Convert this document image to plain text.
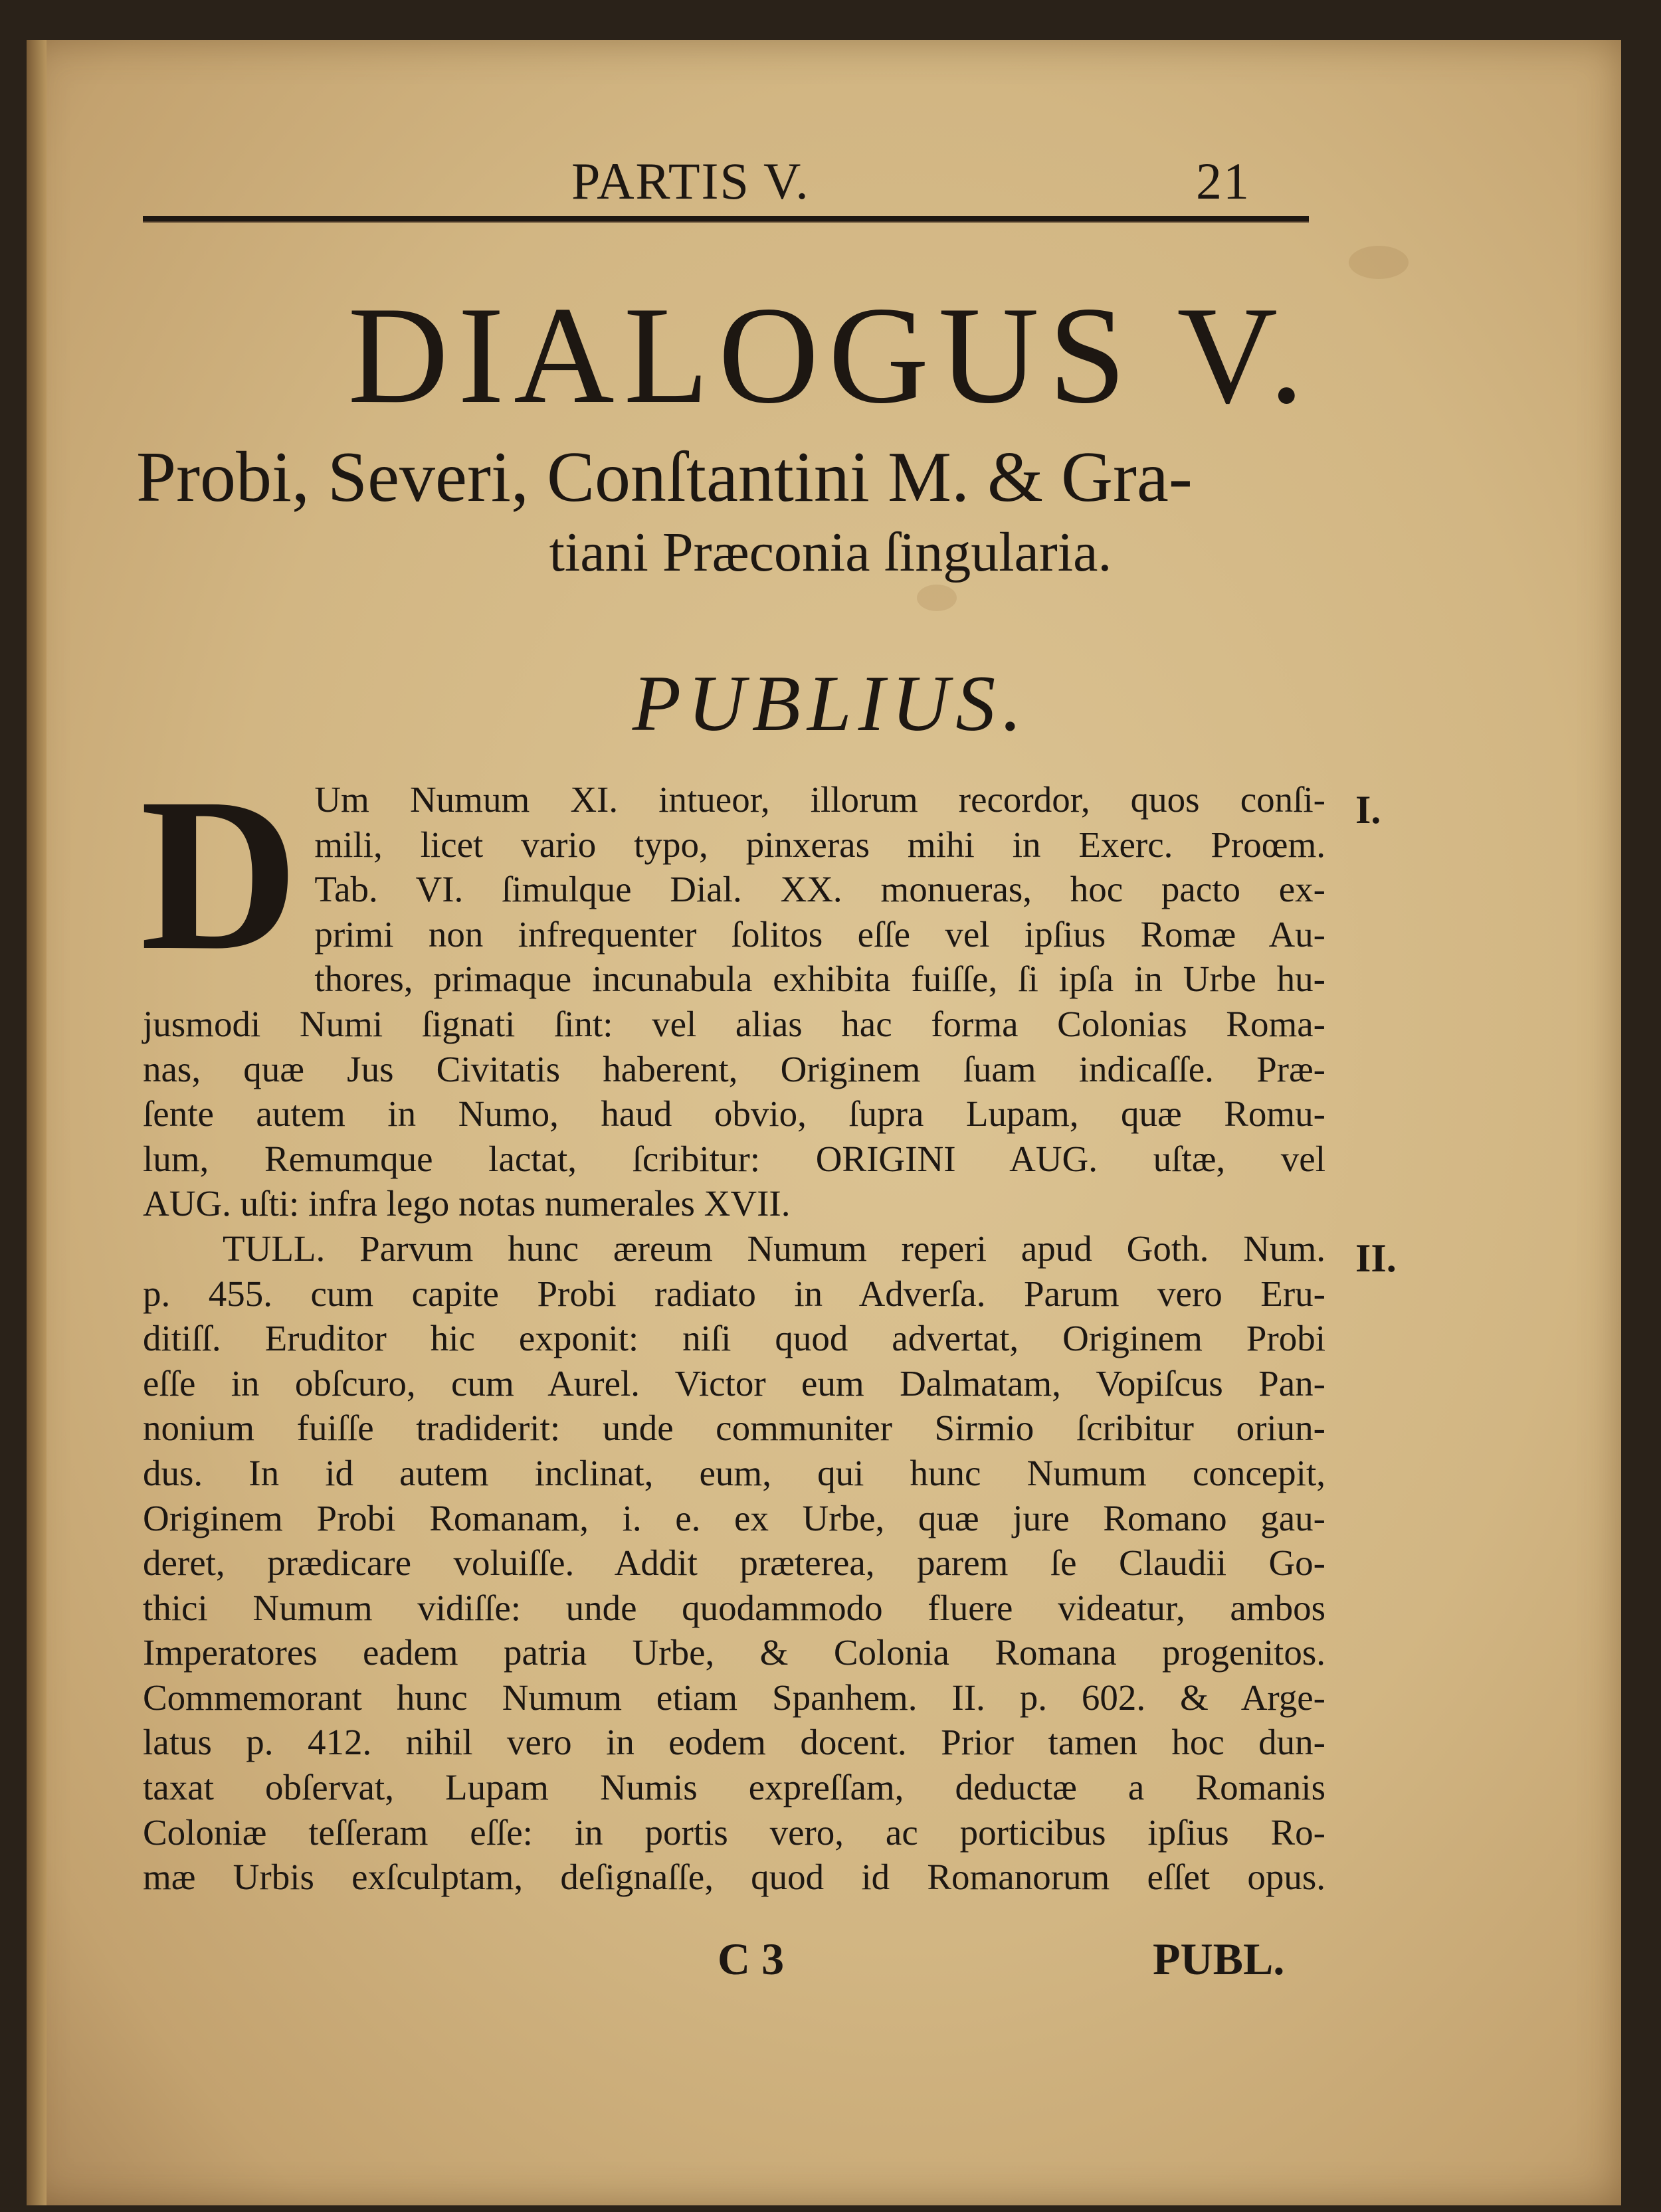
PARTIS V.	21
DIALOGUS V.
Probi, Severi, Conſtantini M. & Gra-
tiani Præconia ſingularia.
PUBLIUS.
D Um Numum XI. intueor, illorum recordor, quos conſi-
mili, licet vario typo, pinxeras mihi in Exerc. Proœm.
Tab. VI. ſimulque Dial. XX. monueras, hoc pacto ex-
primi non infrequenter ſolitos eſſe vel ipſius Romæ Au-
thores, primaque incunabula exhibita fuiſſe, ſi ipſa in Urbe hu-
jusmodi Numi ſignati ſint: vel alias hac forma Colonias Roma-
nas, quæ Jus Civitatis haberent, Originem ſuam indicaſſe. Præ-
ſente autem in Numo, haud obvio, ſupra Lupam, quæ Romu-
lum, Remumque lactat, ſcribitur: ORIGINI AUG. uſtæ, vel
AUG. uſti: infra lego notas numerales XVII.
TULL. Parvum hunc æreum Numum reperi apud Goth. Num.
p. 455. cum capite Probi radiato in Adverſa. Parum vero Eru-
ditiſſ. Eruditor hic exponit: niſi quod advertat, Originem Probi
eſſe in obſcuro, cum Aurel. Victor eum Dalmatam, Vopiſcus Pan-
nonium fuiſſe tradiderit: unde communiter Sirmio ſcribitur oriun-
dus. In id autem inclinat, eum, qui hunc Numum concepit,
Originem Probi Romanam, i. e. ex Urbe, quæ jure Romano gau-
deret, prædicare voluiſſe. Addit præterea, parem ſe Claudii Go-
thici Numum vidiſſe: unde quodammodo fluere videatur, ambos
Imperatores eadem patria Urbe, & Colonia Romana progenitos.
Commemorant hunc Numum etiam Spanhem. II. p. 602. & Arge-
latus p. 412. nihil vero in eodem docent. Prior tamen hoc dun-
taxat obſervat, Lupam Numis expreſſam, deductæ a Romanis
Coloniæ teſſeram eſſe: in portis vero, ac porticibus ipſius Ro-
mæ Urbis exſculptam, deſignaſſe, quod id Romanorum eſſet opus.
I.
II.
C 3	PUBL.
